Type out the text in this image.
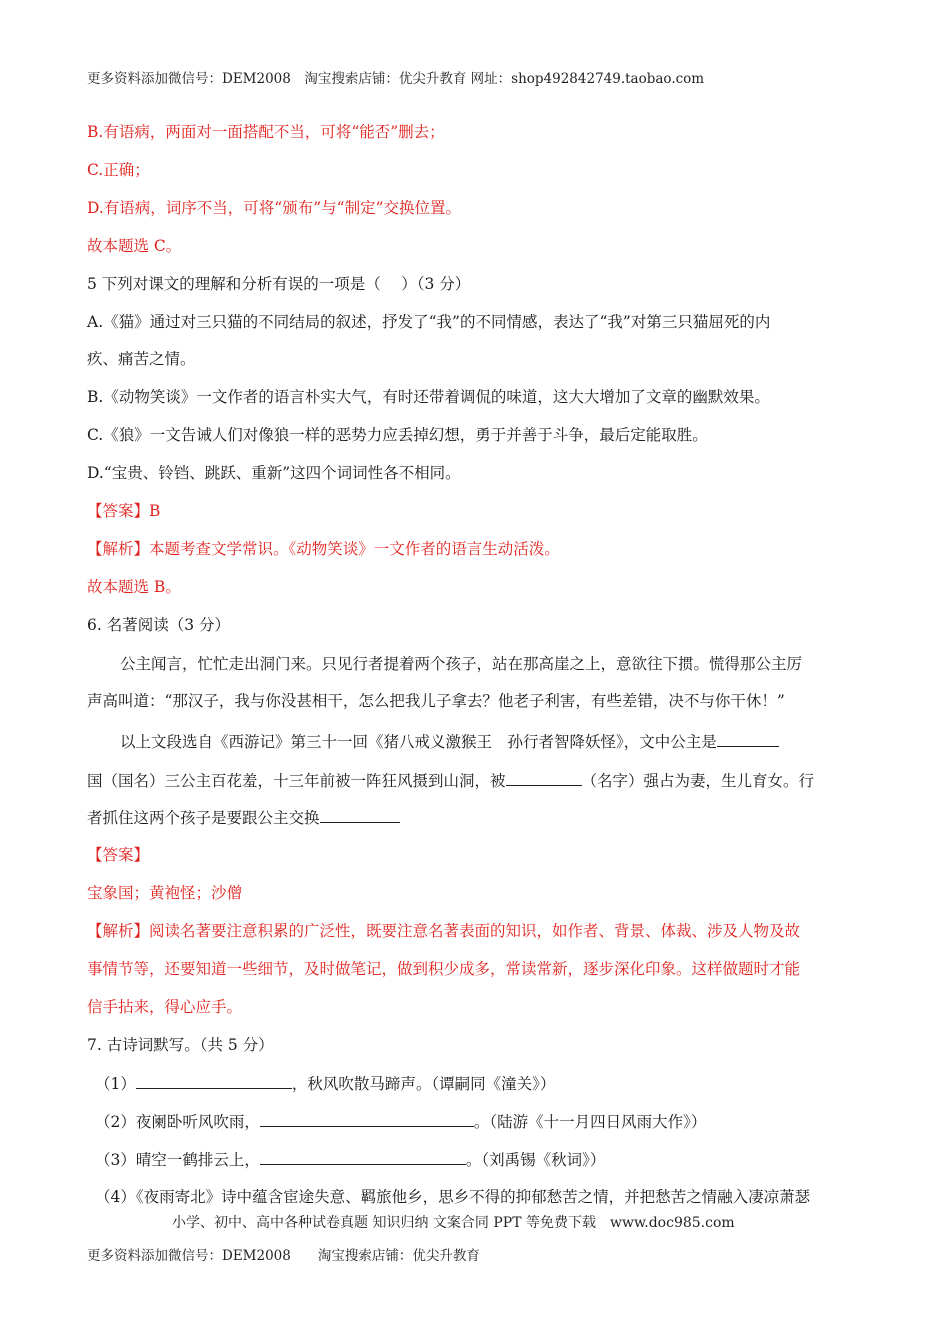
更多资料添加微信号：DEM2008　淘宝搜索店铺：优尖升教育 网址：shop492842749.taobao.com
B.有语病，两面对一面搭配不当，可将“能否”删去；
C.正确；
D.有语病，词序不当，可将“颁布”与“制定”交换位置。
故本题选 C。
5 下列对课文的理解和分析有误的一项是（　 ）（3 分）
A.《猫》通过对三只猫的不同结局的叙述，抒发了“我”的不同情感，表达了“我”对第三只猫屈死的内
疚、痛苦之情。
B.《动物笑谈》一文作者的语言朴实大气，有时还带着调侃的味道，这大大增加了文章的幽默效果。
C.《狼》一文告诫人们对像狼一样的恶势力应丢掉幻想，勇于并善于斗争，最后定能取胜。
D.“宝贵、铃铛、跳跃、重新”这四个词词性各不相同。
【答案】B
【解析】本题考查文学常识。《动物笑谈》一文作者的语言生动活泼。
故本题选 B。
6. 名著阅读（3 分）
公主闻言，忙忙走出洞门来。只见行者提着两个孩子，站在那高崖之上，意欲往下掼。慌得那公主厉
声高叫道：“那汉子，我与你没甚相干，怎么把我儿子拿去？他老子利害，有些差错，决不与你干休！”
以上文段选自《西游记》第三十一回《猪八戒义激猴王　孙行者智降妖怪》，文中公主是
国（国名）三公主百花羞，十三年前被一阵狂风摄到山洞，被	（名字）强占为妻，生儿育女。行
者抓住这两个孩子是要跟公主交换
【答案】
宝象国；黄袍怪；沙僧
【解析】阅读名著要注意积累的广泛性，既要注意名著表面的知识，如作者、背景、体裁、涉及人物及故
事情节等，还要知道一些细节，及时做笔记，做到积少成多，常读常新，逐步深化印象。这样做题时才能
信手拈来，得心应手。
7. 古诗词默写。（共 5 分）
（1）	，秋风吹散马蹄声。（谭嗣同《潼关》）
（2）夜阑卧听风吹雨，	。（陆游《十一月四日风雨大作》）
（3）晴空一鹤排云上，	。（刘禹锡《秋词》）
（4）《夜雨寄北》诗中蕴含宦途失意、羁旅他乡，思乡不得的抑郁愁苦之情，并把愁苦之情融入凄凉萧瑟
小学、初中、高中各种试卷真题 知识归纳 文案合同 PPT 等免费下载　www.doc985.com
更多资料添加微信号：DEM2008　　淘宝搜索店铺：优尖升教育
